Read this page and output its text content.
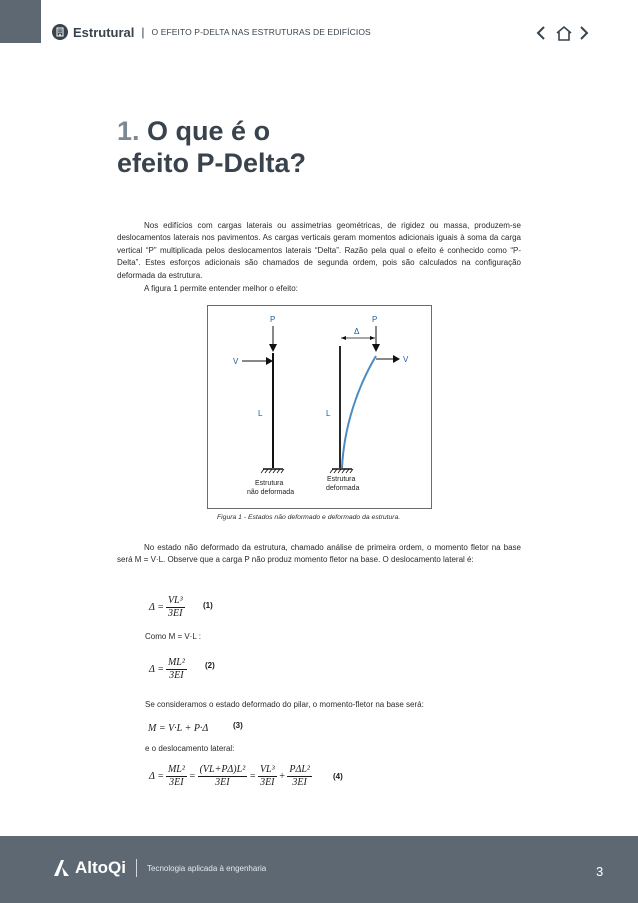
Estrutural | O EFEITO P-DELTA NAS ESTRUTURAS DE EDIFÍCIOS
1. O que é o
efeito P-Delta?

Nos edifícios com cargas laterais ou assimetrias geométricas, de rigidez ou massa, produzem-se deslocamentos laterais nos pavimentos. As cargas verticais geram momentos adicionais iguais à soma da carga vertical “P” multiplicada pelos deslocamentos laterais “Delta”. Razão pela qual o efeito é conhecido como “P-Delta”. Estes esforços adicionais são chamados de segunda ordem, pois são calculados na configuração deformada da estrutura.

A figura 1 permite entender melhor o efeito:

P
V
L
Estrutura
não deformada
P
Δ
V
L
Estrutura
deformada

Figura 1 - Estados não deformado e deformado da estrutura.

No estado não deformado da estrutura, chamado análise de primeira ordem, o momento fletor na base será M = V·L. Observe que a carga P não produz momento fletor na base. O deslocamento lateral é:

$\Delta = \frac{\text{VL³}}{3EI} (1)$

Como M = V·L :

$\Delta = \frac{\text{ML²}}{3EI} (2)$

Se consideramos o estado deformado do pilar, o momento-fletor na base será:

M = V·L + P·Δ	(3)

e o deslocamento lateral:

$\Delta = \frac{\text{ML²}}{3EI} = \frac{\text{(VL+PΔ)L²}}{3EI} = \frac{\text{VL³}}{3EI} + \frac{\text{PΔL²}}{3EI}$	(4)
AltoQi	Tecnologia aplicada à engenharia	3
